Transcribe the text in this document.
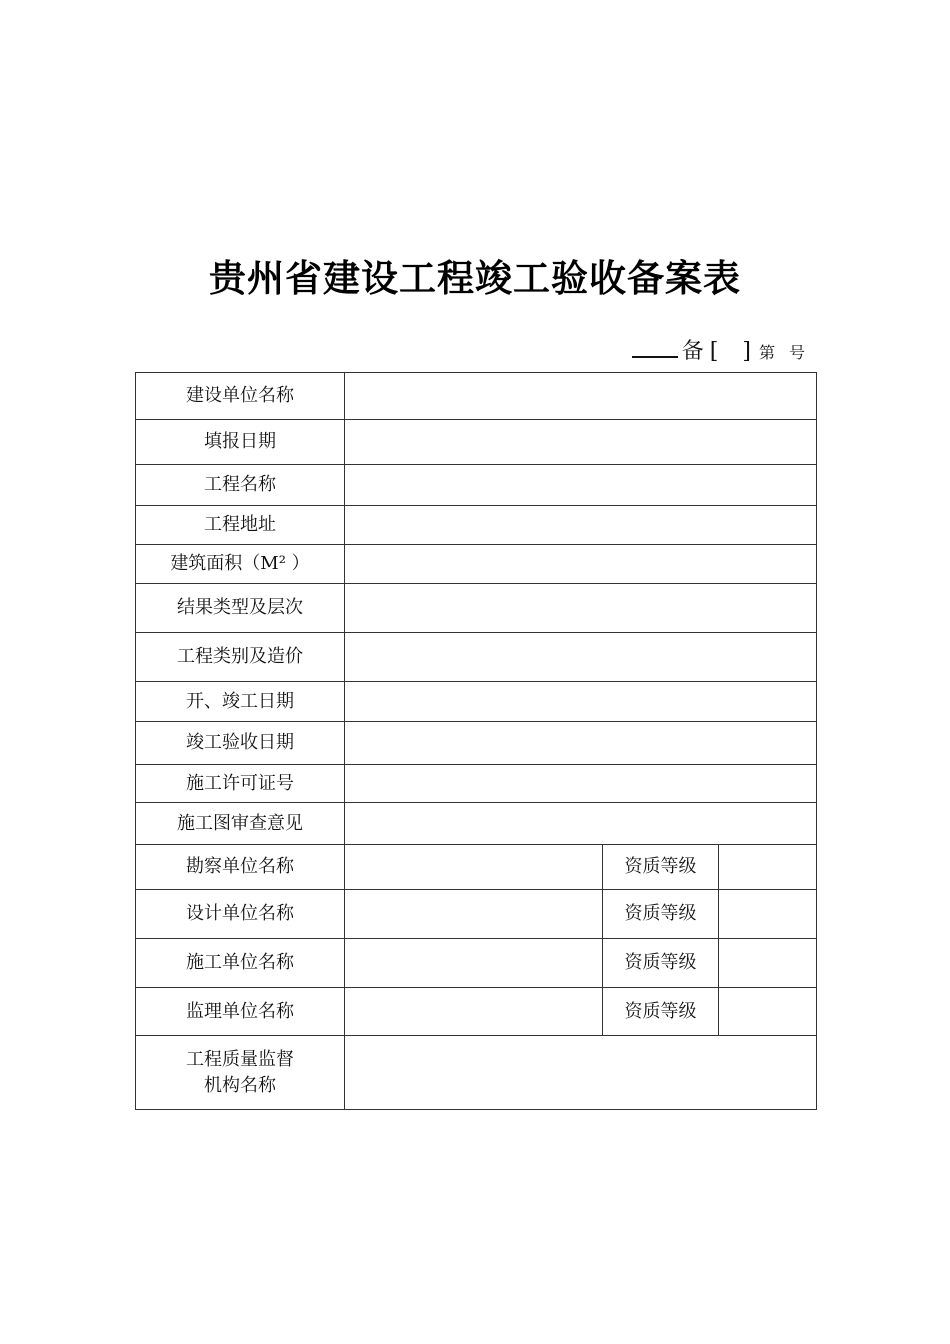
贵州省建设工程竣工验收备案表
备 [ ] 第 号
建设单位名称			
填报日期			
工程名称			
工程地址			
建筑面积（M² ）			
结果类型及层次			
工程类别及造价			
开、竣工日期			
竣工验收日期			
施工许可证号			
施工图审查意见			
勘察单位名称		资质等级	
设计单位名称		资质等级	
施工单位名称		资质等级	
监理单位名称		资质等级	

工程质量监督
机构名称			
